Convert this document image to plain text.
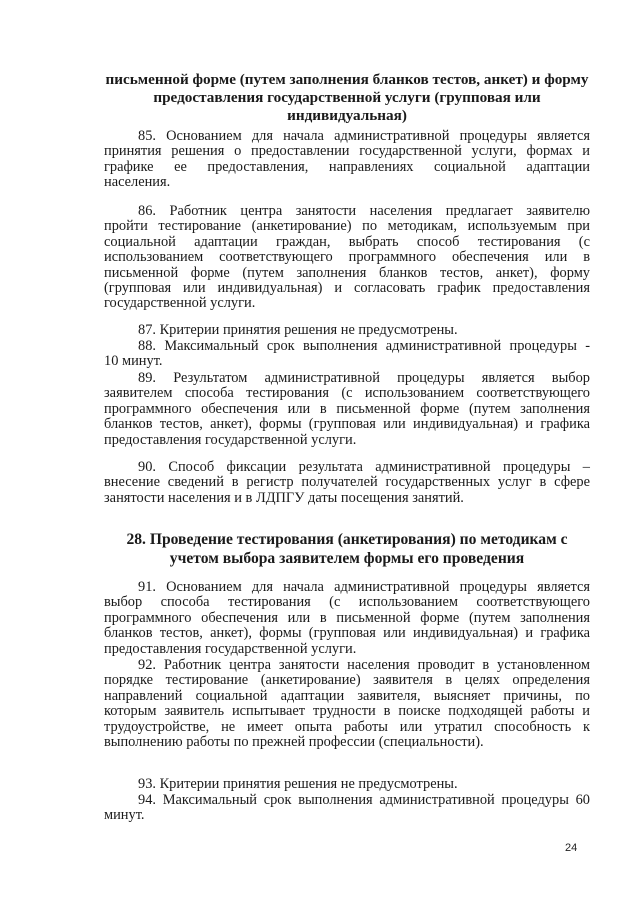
письменной форме (путем заполнения бланков тестов, анкет) и форму
предоставления государственной услуги (групповая или
индивидуальная)
85. Основанием для начала административной процедуры является
принятия решения о предоставлении государственной услуги, формах и
графике ее предоставления, направлениях социальной адаптации
населения.
86. Работник центра занятости населения предлагает заявителю
пройти тестирование (анкетирование) по методикам, используемым при
социальной адаптации граждан, выбрать способ тестирования (с
использованием соответствующего программного обеспечения или в
письменной форме (путем заполнения бланков тестов, анкет), форму
(групповая или индивидуальная) и согласовать график предоставления
государственной услуги.
87. Критерии принятия решения не предусмотрены.
88. Максимальный срок выполнения административной процедуры -
10 минут.
89. Результатом административной процедуры является выбор
заявителем способа тестирования (с использованием соответствующего
программного обеспечения или в письменной форме (путем заполнения
бланков тестов, анкет), формы (групповая или индивидуальная) и графика
предоставления государственной услуги.
90. Способ фиксации результата административной процедуры –
внесение сведений в регистр получателей государственных услуг в сфере
занятости населения и в ЛДПГУ даты посещения занятий.
28. Проведение тестирования (анкетирования) по методикам с
учетом выбора заявителем формы его проведения
91. Основанием для начала административной процедуры является
выбор способа тестирования (с использованием соответствующего
программного обеспечения или в письменной форме (путем заполнения
бланков тестов, анкет), формы (групповая или индивидуальная) и графика
предоставления государственной услуги.
92. Работник центра занятости населения проводит в установленном
порядке тестирование (анкетирование) заявителя в целях определения
направлений социальной адаптации заявителя, выясняет причины, по
которым заявитель испытывает трудности в поиске подходящей работы и
трудоустройстве, не имеет опыта работы или утратил способность к
выполнению работы по прежней профессии (специальности).
93. Критерии принятия решения не предусмотрены.
94. Максимальный срок выполнения административной процедуры 60
минут.
24
